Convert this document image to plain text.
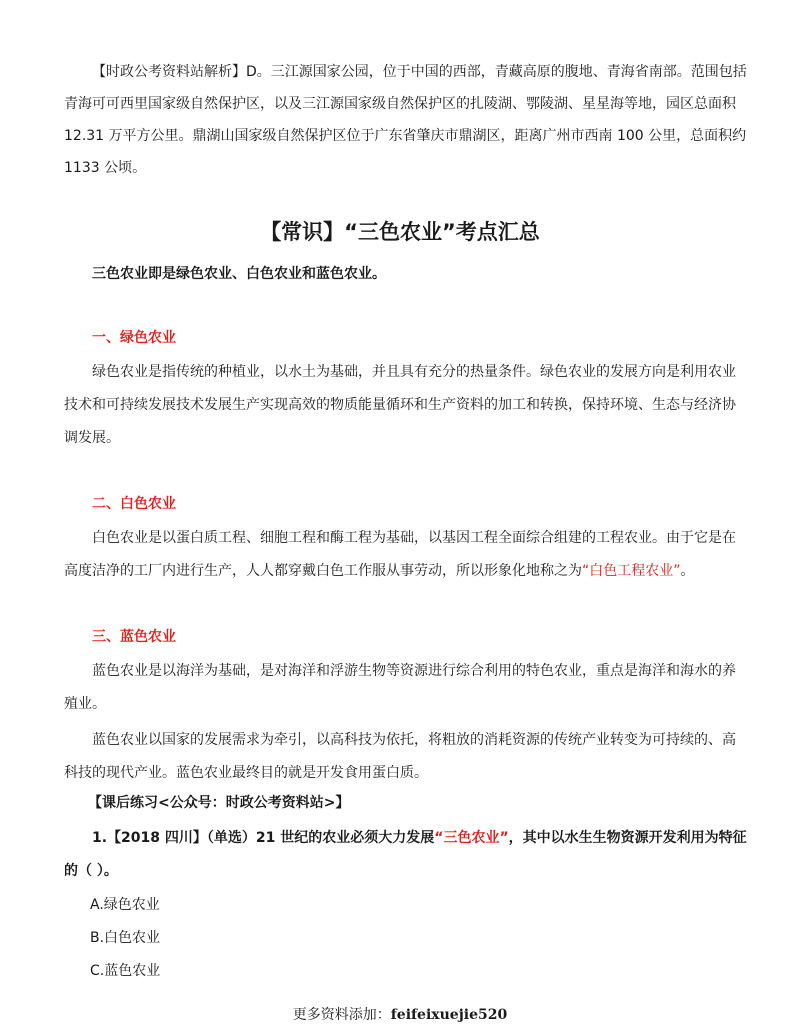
【时政公考资料站解析】D。三江源国家公园，位于中国的西部，青藏高原的腹地、青海省南部。范围包括青海可可西里国家级自然保护区，以及三江源国家级自然保护区的扎陵湖、鄂陵湖、星星海等地，园区总面积 12.31 万平方公里。鼎湖山国家级自然保护区位于广东省肇庆市鼎湖区，距离广州市西南 100 公里，总面积约 1133 公顷。

【常识】“三色农业”考点汇总

三色农业即是绿色农业、白色农业和蓝色农业。

一、绿色农业

绿色农业是指传统的种植业，以水土为基础，并且具有充分的热量条件。绿色农业的发展方向是利用农业技术和可持续发展技术发展生产实现高效的物质能量循环和生产资料的加工和转换，保持环境、生态与经济协调发展。

二、白色农业

白色农业是以蛋白质工程、细胞工程和酶工程为基础，以基因工程全面综合组建的工程农业。由于它是在高度洁净的工厂内进行生产，人人都穿戴白色工作服从事劳动，所以形象化地称之为“白色工程农业”。

三、蓝色农业

蓝色农业是以海洋为基础，是对海洋和浮游生物等资源进行综合利用的特色农业，重点是海洋和海水的养殖业。

蓝色农业以国家的发展需求为牵引，以高科技为依托，将粗放的消耗资源的传统产业转变为可持续的、高科技的现代产业。蓝色农业最终目的就是开发食用蛋白质。

【课后练习<公众号：时政公考资料站>】

1.【2018 四川】（单选）21 世纪的农业必须大力发展“三色农业”，其中以水生生物资源开发利用为特征的（ ）。

A.绿色农业

B.白色农业

C.蓝色农业

更多资料添加：feifeixuejie520
